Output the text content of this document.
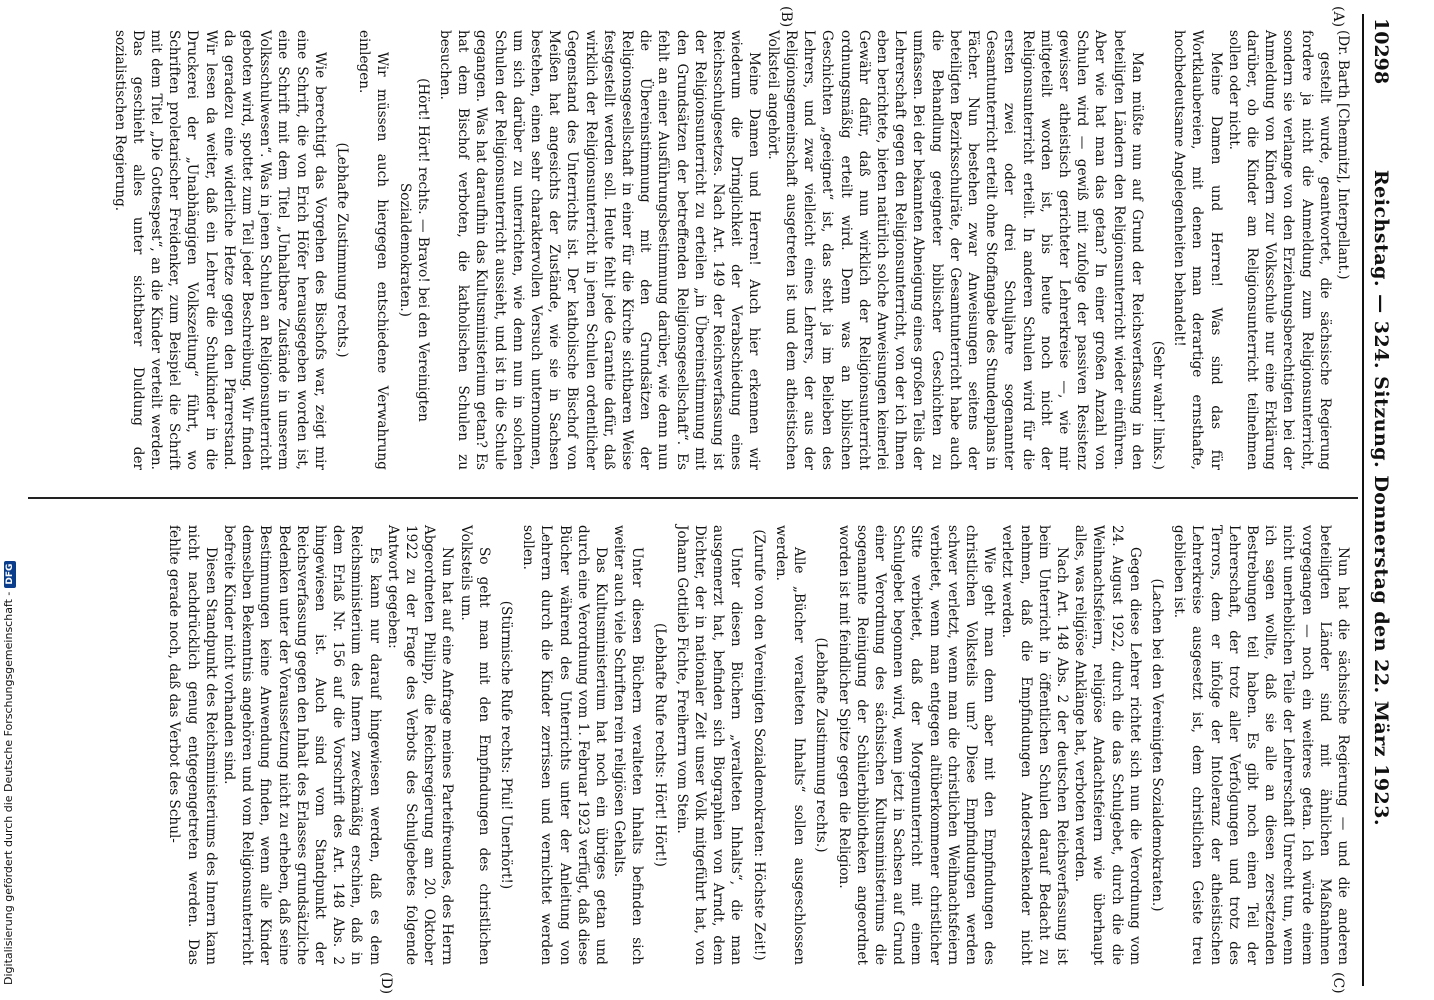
10298
Reichstag. — 324. Sitzung. Donnerstag den 22. März 1923.
(A)
(B)
(C)
(D)

(Dr. Barth [Chemnitz], Interpellant.)

gestellt wurde, geantwortet, die sächsische Regierung fordere ja nicht die Anmeldung zum Religionsunterricht, sondern sie verlange von den Erziehungsberechtigten bei der Anmeldung von Kindern zur Volksschule nur eine Erklärung darüber, ob die Kinder am Religionsunterricht teilnehmen sollen oder nicht.

Meine Damen und Herren! Was sind das für Wortklaubereien, mit denen man derartige ernsthafte, hochbedeutsame Angelegenheiten behandelt!

(Sehr wahr! links.)

Man müßte nun auf Grund der Reichsverfassung in den beteiligten Ländern den Religionsunterricht wieder einführen. Aber wie hat man das getan? In einer großen Anzahl von Schulen wird — gewiß mit zufolge der passiven Resistenz gewisser atheistisch gerichteter Lehrerkreise —, wie mir mitgeteilt worden ist, bis heute noch nicht der Religionsunterricht erteilt. In anderen Schulen wird für die ersten zwei oder drei Schuljahre sogenannter Gesamtunterricht erteilt ohne Stoffangabe des Stundenplans in Fächer. Nun bestehen zwar Anweisungen seitens der beteiligten Bezirksschulräte, der Gesamtunterricht habe auch die Behandlung geeigneter biblischer Geschichten zu umfassen. Bei der bekannten Abneigung eines großen Teils der Lehrerschaft gegen den Religionsunterricht, von der ich Ihnen eben berichtete, bieten natürlich solche Anweisungen keinerlei Gewähr dafür, daß nun wirklich der Religionsunterricht ordnungsmäßig erteilt wird. Denn was an biblischen Geschichten „geeignet“ ist, das steht ja im Belieben des Lehrers, und zwar vielleicht eines Lehrers, der aus der Religionsgemeinschaft ausgetreten ist und dem atheistischen Volksteil angehört.

Meine Damen und Herren! Auch hier erkennen wir wiederum die Dringlichkeit der Verabschiedung eines Reichsschulgesetzes. Nach Art. 149 der Reichsverfassung ist der Religionsunterricht zu erteilen „in Übereinstimmung mit den Grundsätzen der betreffenden Religionsgesellschaft“. Es fehlt an einer Ausführungsbestimmung darüber, wie denn nun die Übereinstimmung mit den Grundsätzen der Religionsgesellschaft in einer für die Kirche sichtbaren Weise festgestellt werden soll. Heute fehlt jede Garantie dafür, daß wirklich der Religionsunterricht in jenen Schulen ordentlicher Gegenstand des Unterrichts ist. Der katholische Bischof von Meißen hat angesichts der Zustände, wie sie in Sachsen bestehen, einen sehr charaktervollen Versuch unternommen, um sich darüber zu unterrichten, wie denn nun in solchen Schulen der Religionsunterricht aussieht, und ist in die Schule gegangen. Was hat daraufhin das Kultusministerium getan? Es hat dem Bischof verboten, die katholischen Schulen zu besuchen.

(Hört! Hört! rechts. — Bravo! bei den Vereinigten Sozialdemokraten.)

Wir müssen auch hiergegen entschiedene Verwahrung einlegen.

(Lebhafte Zustimmung rechts.)

Wie berechtigt das Vorgehen des Bischofs war, zeigt mir eine Schrift, die von Erich Höfer herausgegeben worden ist, eine Schrift mit dem Titel „Unhaltbare Zustände in unserem Volksschulwesen“. Was in jenen Schulen an Religionsunterricht geboten wird, spottet zum Teil jeder Beschreibung. Wir finden da geradezu eine widerliche Hetze gegen den Pfarrerstand. Wir lesen da weiter, daß ein Lehrer die Schulkinder in die Druckerei der „Unabhängigen Volkszeitung“ führt, wo Schriften proletarischer Freidenker, zum Beispiel die Schrift mit dem Titel „Die Gottespest“, an die Kinder verteilt werden. Das geschieht alles unter sichtbarer Duldung der sozialistischen Regierung.

Nun hat die sächsische Regierung — und die anderen beteiligten Länder sind mit ähnlichen Maßnahmen vorgegangen — noch ein weiteres getan. Ich würde einem nicht unerheblichen Teile der Lehrerschaft Unrecht tun, wenn ich sagen wollte, daß sie alle an diesen zersetzenden Bestrebungen teil haben. Es gibt noch einen Teil der Lehrerschaft, der trotz aller Verfolgungen und trotz des Terrors, dem er infolge der Intoleranz der atheistischen Lehrerkreise ausgesetzt ist, dem christlichen Geiste treu geblieben ist.

(Lachen bei den Vereinigten Sozialdemokraten.)

Gegen diese Lehrer richtet sich nun die Verordnung vom 24. August 1922, durch die das Schulgebet, durch die die Weihnachtsfeiern, religiöse Andachtsfeiern wie überhaupt alles, was religiöse Anklänge hat, verboten werden.

Nach Art. 148 Abs. 2 der deutschen Reichsverfassung ist beim Unterricht in öffentlichen Schulen darauf Bedacht zu nehmen, daß die Empfindungen Andersdenkender nicht verletzt werden.

Wie geht man denn aber mit den Empfindungen des christlichen Volksteils um? Diese Empfindungen werden schwer verletzt, wenn man die christlichen Weihnachtsfeiern verbietet, wenn man entgegen altüberkommener christlicher Sitte verbietet, daß der Morgenunterricht mit einem Schulgebet begonnen wird, wenn jetzt in Sachsen auf Grund einer Verordnung des sächsischen Kultusministeriums die sogenannte Reinigung der Schülerbibliotheken angeordnet worden ist mit feindlicher Spitze gegen die Religion.

(Lebhafte Zustimmung rechts.)

Alle „Bücher veralteten Inhalts“ sollen ausgeschlossen werden.

(Zurufe von den Vereinigten Sozialdemokraten: Höchste Zeit!)

Unter diesen Büchern „veralteten Inhalts“, die man ausgemerzt hat, befinden sich Biographien von Arndt, dem Dichter, der in nationaler Zeit unser Volk mitgeführt hat, von Johann Gottlieb Fichte, Freiherrn vom Stein.

(Lebhafte Rufe rechts: Hört! Hört!)

Unter diesen Büchern veralteten Inhalts befinden sich weiter auch viele Schriften rein religiösen Gehalts.

Das Kultusministerium hat noch ein übriges getan und durch eine Verordnung vom 1. Februar 1923 verfügt, daß diese Bücher während des Unterrichts unter der Anleitung von Lehrern durch die Kinder zerrissen und vernichtet werden sollen.

(Stürmische Rufe rechts: Pfui! Unerhört!)

So geht man mit den Empfindungen des christlichen Volksteils um.

Nun hat auf eine Anfrage meines Parteifreundes, des Herrn Abgeordneten Philipp, die Reichsregierung am 20. Oktober 1922 zu der Frage des Verbots des Schulgebetes folgende Antwort gegeben:

Es kann nur darauf hingewiesen werden, daß es dem Reichsministerium des Innern zweckmäßig erschien, daß in dem Erlaß Nr. 156 auf die Vorschrift des Art. 148 Abs. 2 hingewiesen ist. Auch sind vom Standpunkt der Reichsverfassung gegen den Inhalt des Erlasses grundsätzliche Bedenken unter der Voraussetzung nicht zu erheben, daß seine Bestimmungen keine Anwendung finden, wenn alle Kinder demselben Bekenntnis angehören und vom Religionsunterricht befreite Kinder nicht vorhanden sind.

Diesen Standpunkt des Reichsministeriums des Innern kann nicht nachdrücklich genug entgegengetreten werden. Das fehlte gerade noch, daß das Verbot des Schul-

Digitalisierung gefördert durch die Deutsche Forschungsgemeinschaft -DFG
